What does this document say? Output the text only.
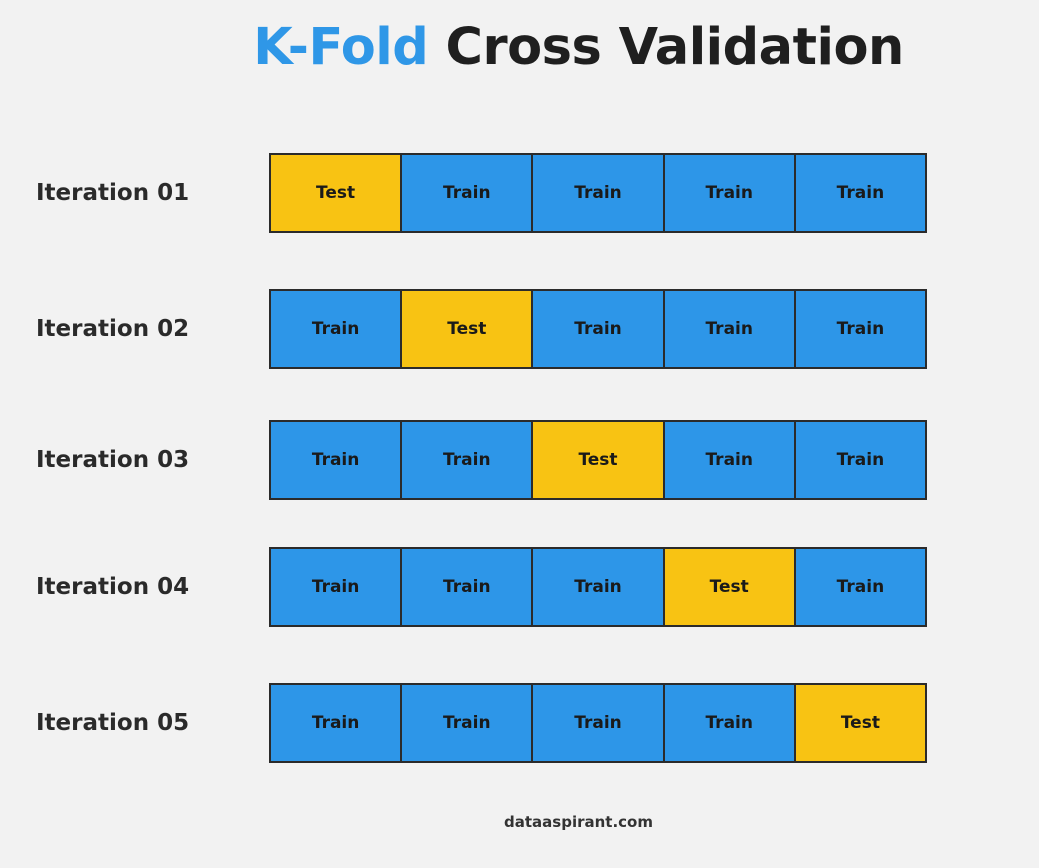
K-Fold Cross Validation
Iteration 01	Test	Train	Train	Train	Train
Iteration 02	Train	Test	Train	Train	Train
Iteration 03	Train	Train	Test	Train	Train
Iteration 04	Train	Train	Train	Test	Train
Iteration 05	Train	Train	Train	Train	Test
dataaspirant.com
